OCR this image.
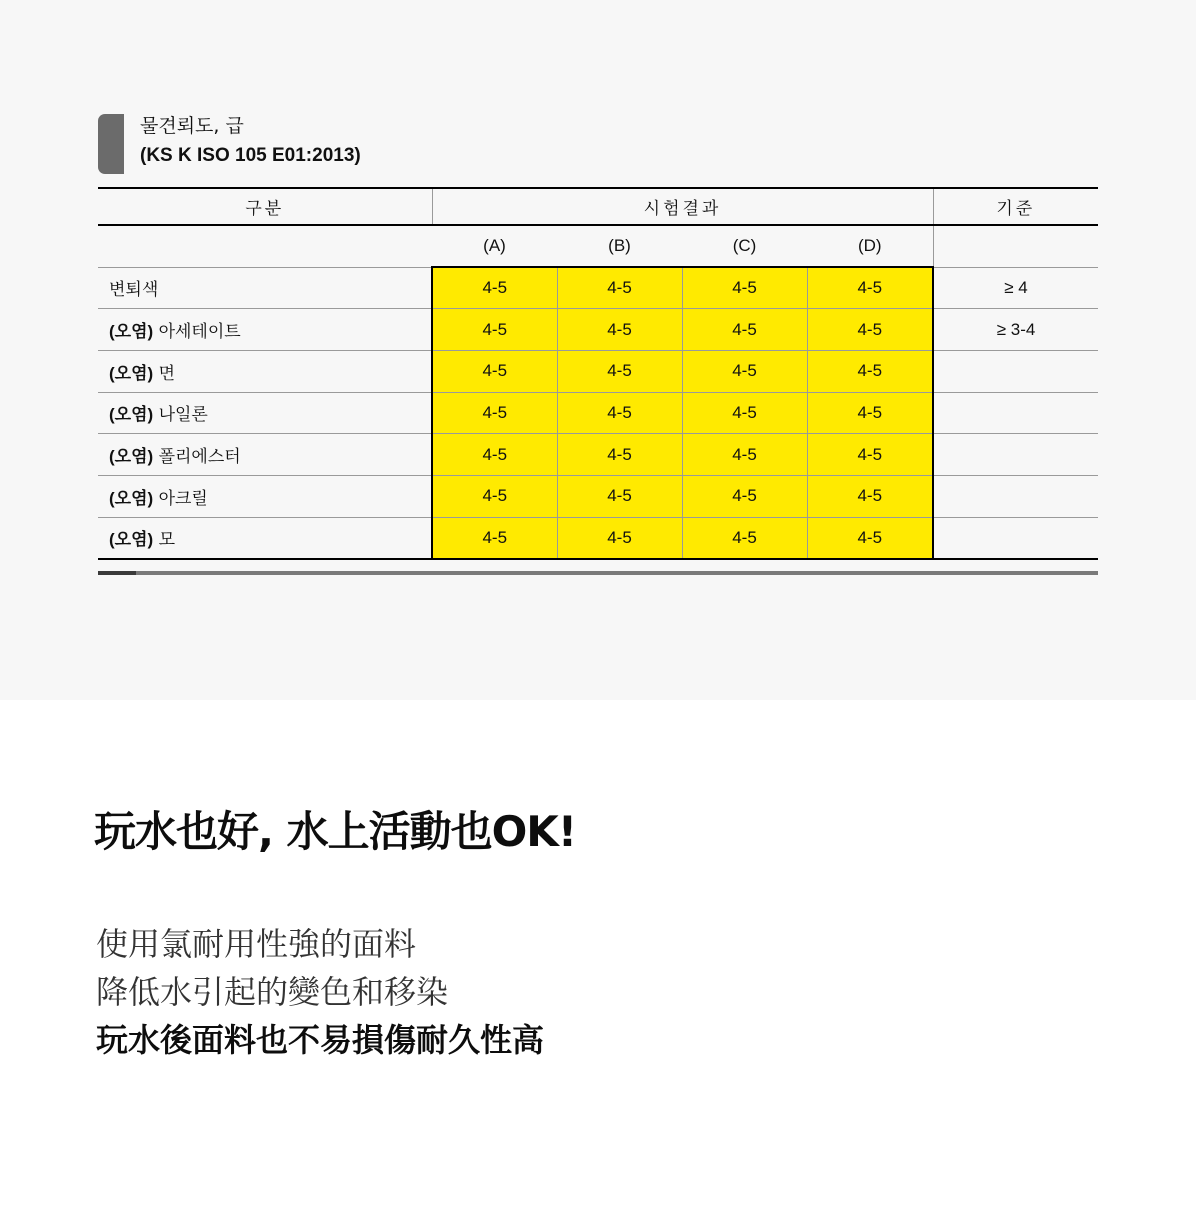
물견뢰도, 급
(KS K ISO 105 E01:2013)
구분	시험결과				기준
	(A)	(B)	(C)	(D)	
변퇴색	4-5	4-5	4-5	4-5	≥ 4
(오염) 아세테이트	4-5	4-5	4-5	4-5	≥ 3-4
(오염) 면	4-5	4-5	4-5	4-5	
(오염) 나일론	4-5	4-5	4-5	4-5	
(오염) 폴리에스터	4-5	4-5	4-5	4-5	
(오염) 아크릴	4-5	4-5	4-5	4-5	
(오염) 모	4-5	4-5	4-5	4-5	
玩水也好, 水上活動也OK!
使用氯耐用性強的面料
降低水引起的變色和移染
玩水後面料也不易損傷耐久性高
